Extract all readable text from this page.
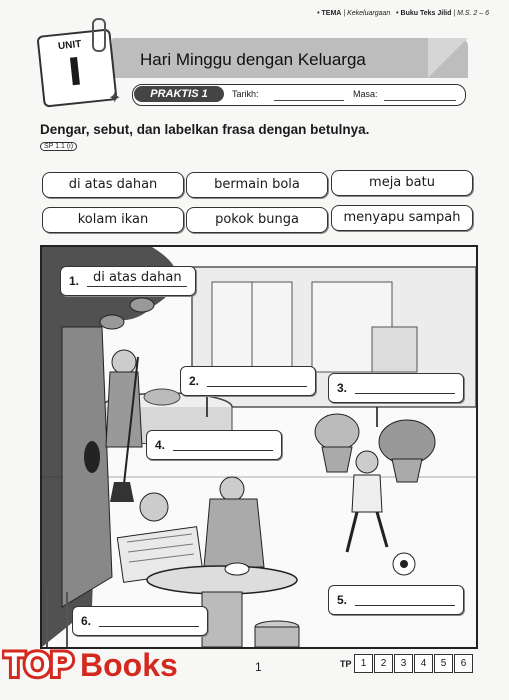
• TEMA | Kekeluargaan • Buku Teks Jilid | M.S. 2 – 6
Hari Minggu dengan Keluarga
UNIT
I
✦	PRAKTIS 1	Tarikh:	Masa:
Dengar, sebut, dan labelkan frasa dengan betulnya.
SP 1.1 (i)
di atas dahan	bermain bola	meja batu
kolam ikan	pokok bunga	menyapu sampah
1. di atas dahan
2.	3.
4.
5.
6.
1	TP 1	2	3	4	5	6
TOP Books
